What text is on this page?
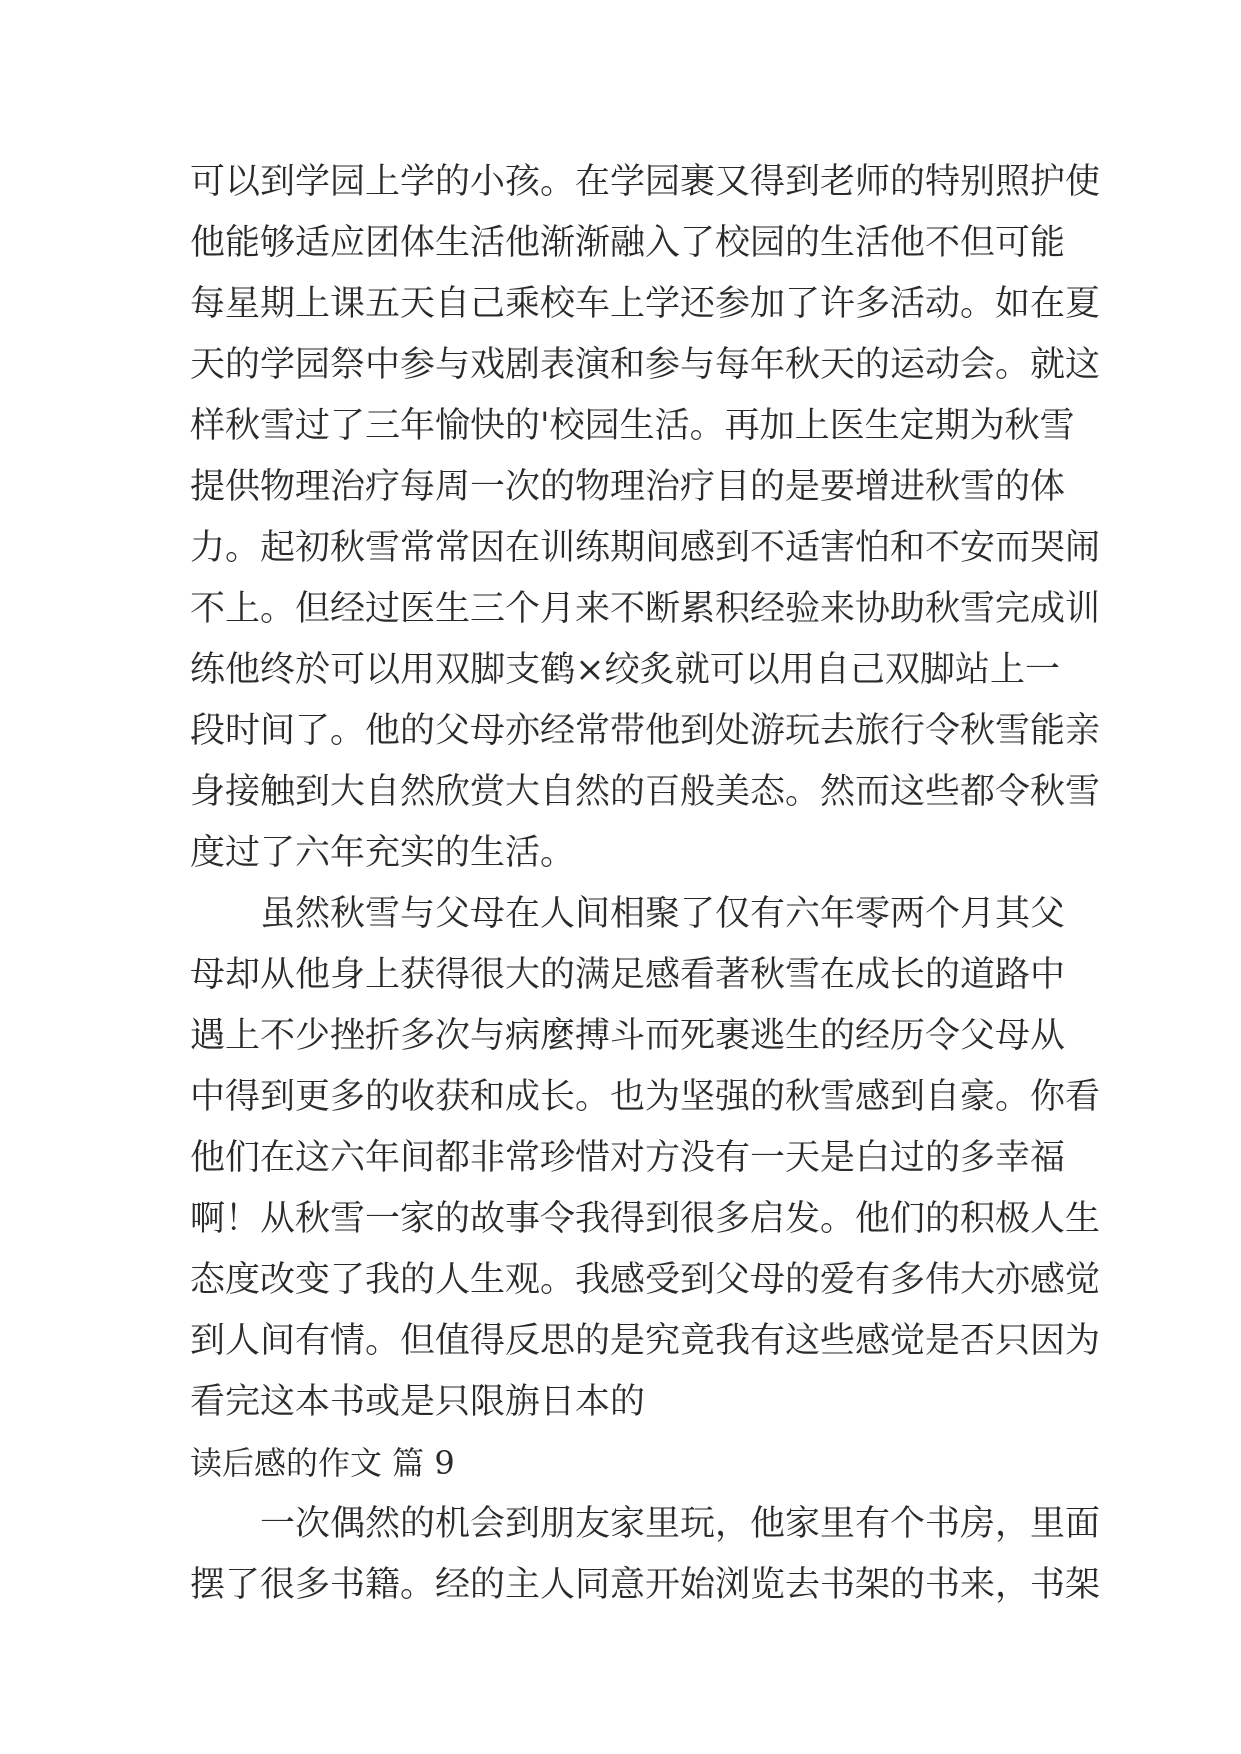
可以到学园上学的小孩。在学园裹又得到老师的特别照护使
他能够适应团体生活他渐渐融入了校园的生活他不但可能
每星期上课五天自己乘校车上学还参加了许多活动。如在夏
天的学园祭中参与戏剧表演和参与每年秋天的运动会。就这
样秋雪过了三年愉快的'校园生活。再加上医生定期为秋雪
提供物理治疗每周一次的物理治疗目的是要增进秋雪的体
力。起初秋雪常常因在训练期间感到不适害怕和不安而哭闹
不上。但经过医生三个月来不断累积经验来协助秋雪完成训
练他终於可以用双脚支鹤×绞炙就可以用自己双脚站上一
段时间了。他的父母亦经常带他到处游玩去旅行令秋雪能亲
身接触到大自然欣赏大自然的百般美态。然而这些都令秋雪
度过了六年充实的生活。
虽然秋雪与父母在人间相聚了仅有六年零两个月其父
母却从他身上获得很大的满足感看著秋雪在成长的道路中
遇上不少挫折多次与病麼搏斗而死裹逃生的经历令父母从
中得到更多的收获和成长。也为坚强的秋雪感到自豪。你看
他们在这六年间都非常珍惜对方没有一天是白过的多幸福
啊！从秋雪一家的故事令我得到很多启发。他们的积极人生
态度改变了我的人生观。我感受到父母的爱有多伟大亦感觉
到人间有情。但值得反思的是究竟我有这些感觉是否只因为
看完这本书或是只限旃日本的
读后感的作文 篇 9
一次偶然的机会到朋友家里玩，他家里有个书房，里面
摆了很多书籍。经的主人同意开始浏览去书架的书来，书架
